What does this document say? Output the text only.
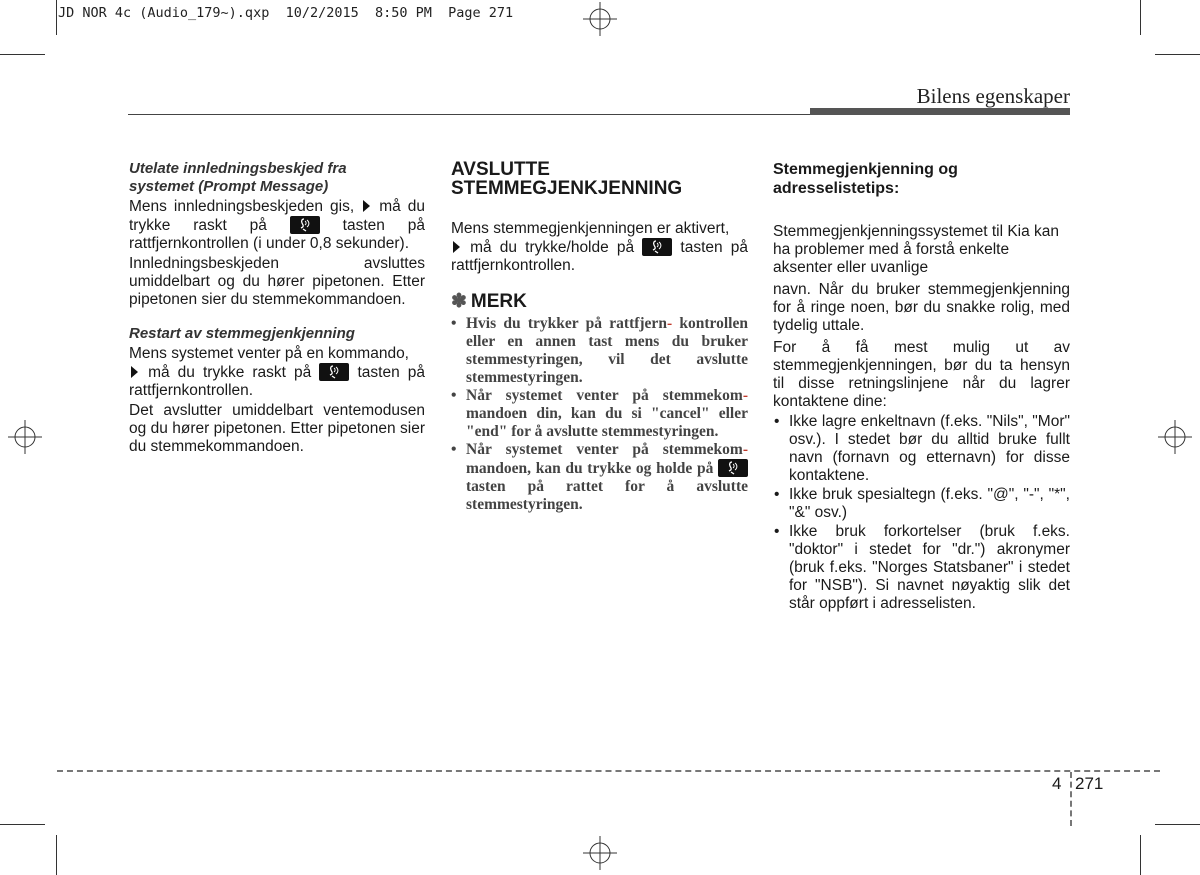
JD NOR 4c (Audio_179~).qxp  10/2/2015  8:50 PM  Page 271
Bilens egenskaper
Utelate innledningsbeskjed fra
systemet (Prompt Message)

Mens innledningsbeskjeden gis, må du trykke raskt på	tasten på rattfjernkontrollen (i under 0,8 sekunder).

Innledningsbeskjeden avsluttes umiddelbart og du hører pipetonen. Etter pipetonen sier du stemmekommandoen.

Restart av stemmegjenkjenning

Mens systemet venter på en kommando,
må du trykke raskt på	tasten på rattfjernkontrollen.

Det avslutter umiddelbart ventemodusen og du hører pipetonen. Etter pipetonen sier du stemmekommandoen.

AVSLUTTE
STEMMEGJENKJENNING

Mens stemmegjenkjenningen er aktivert,
må du trykke/holde på	tasten på rattfjernkontrollen.

✽ MERK
• Hvis du trykker på rattfjern- kontrollen eller en annen tast mens du bruker stemmestyringen, vil det avslutte stemmestyringen.
• Når systemet venter på stemmekom- mandoen din, kan du si "cancel" eller "end" for å avslutte stemmestyringen.
• Når systemet venter på stemmekom- mandoen, kan du trykke og holde på
tasten på rattet for å avslutte stemmestyringen.
Stemmegjenkjenning og
adresselistetips:

Stemmegjenkjenningssystemet til Kia kan ha problemer med å forstå enkelte aksenter eller uvanlige

navn. Når du bruker stemmegjenkjenning for å ringe noen, bør du snakke rolig, med tydelig uttale.

For å få mest mulig ut av stemmegjenkjenningen, bør du ta hensyn til disse retningslinjene når du lagrer kontaktene dine:

• Ikke lagre enkeltnavn (f.eks. "Nils", "Mor" osv.). I stedet bør du alltid bruke fullt navn (fornavn og etternavn) for disse kontaktene.
• Ikke bruk spesialtegn (f.eks. "@", "-", "*", "&" osv.)
• Ikke bruk forkortelser (bruk f.eks. "doktor" i stedet for "dr.") akronymer (bruk f.eks. "Norges Statsbaner" i stedet for "NSB"). Si navnet nøyaktig slik det står oppført i adresselisten.
4 271
